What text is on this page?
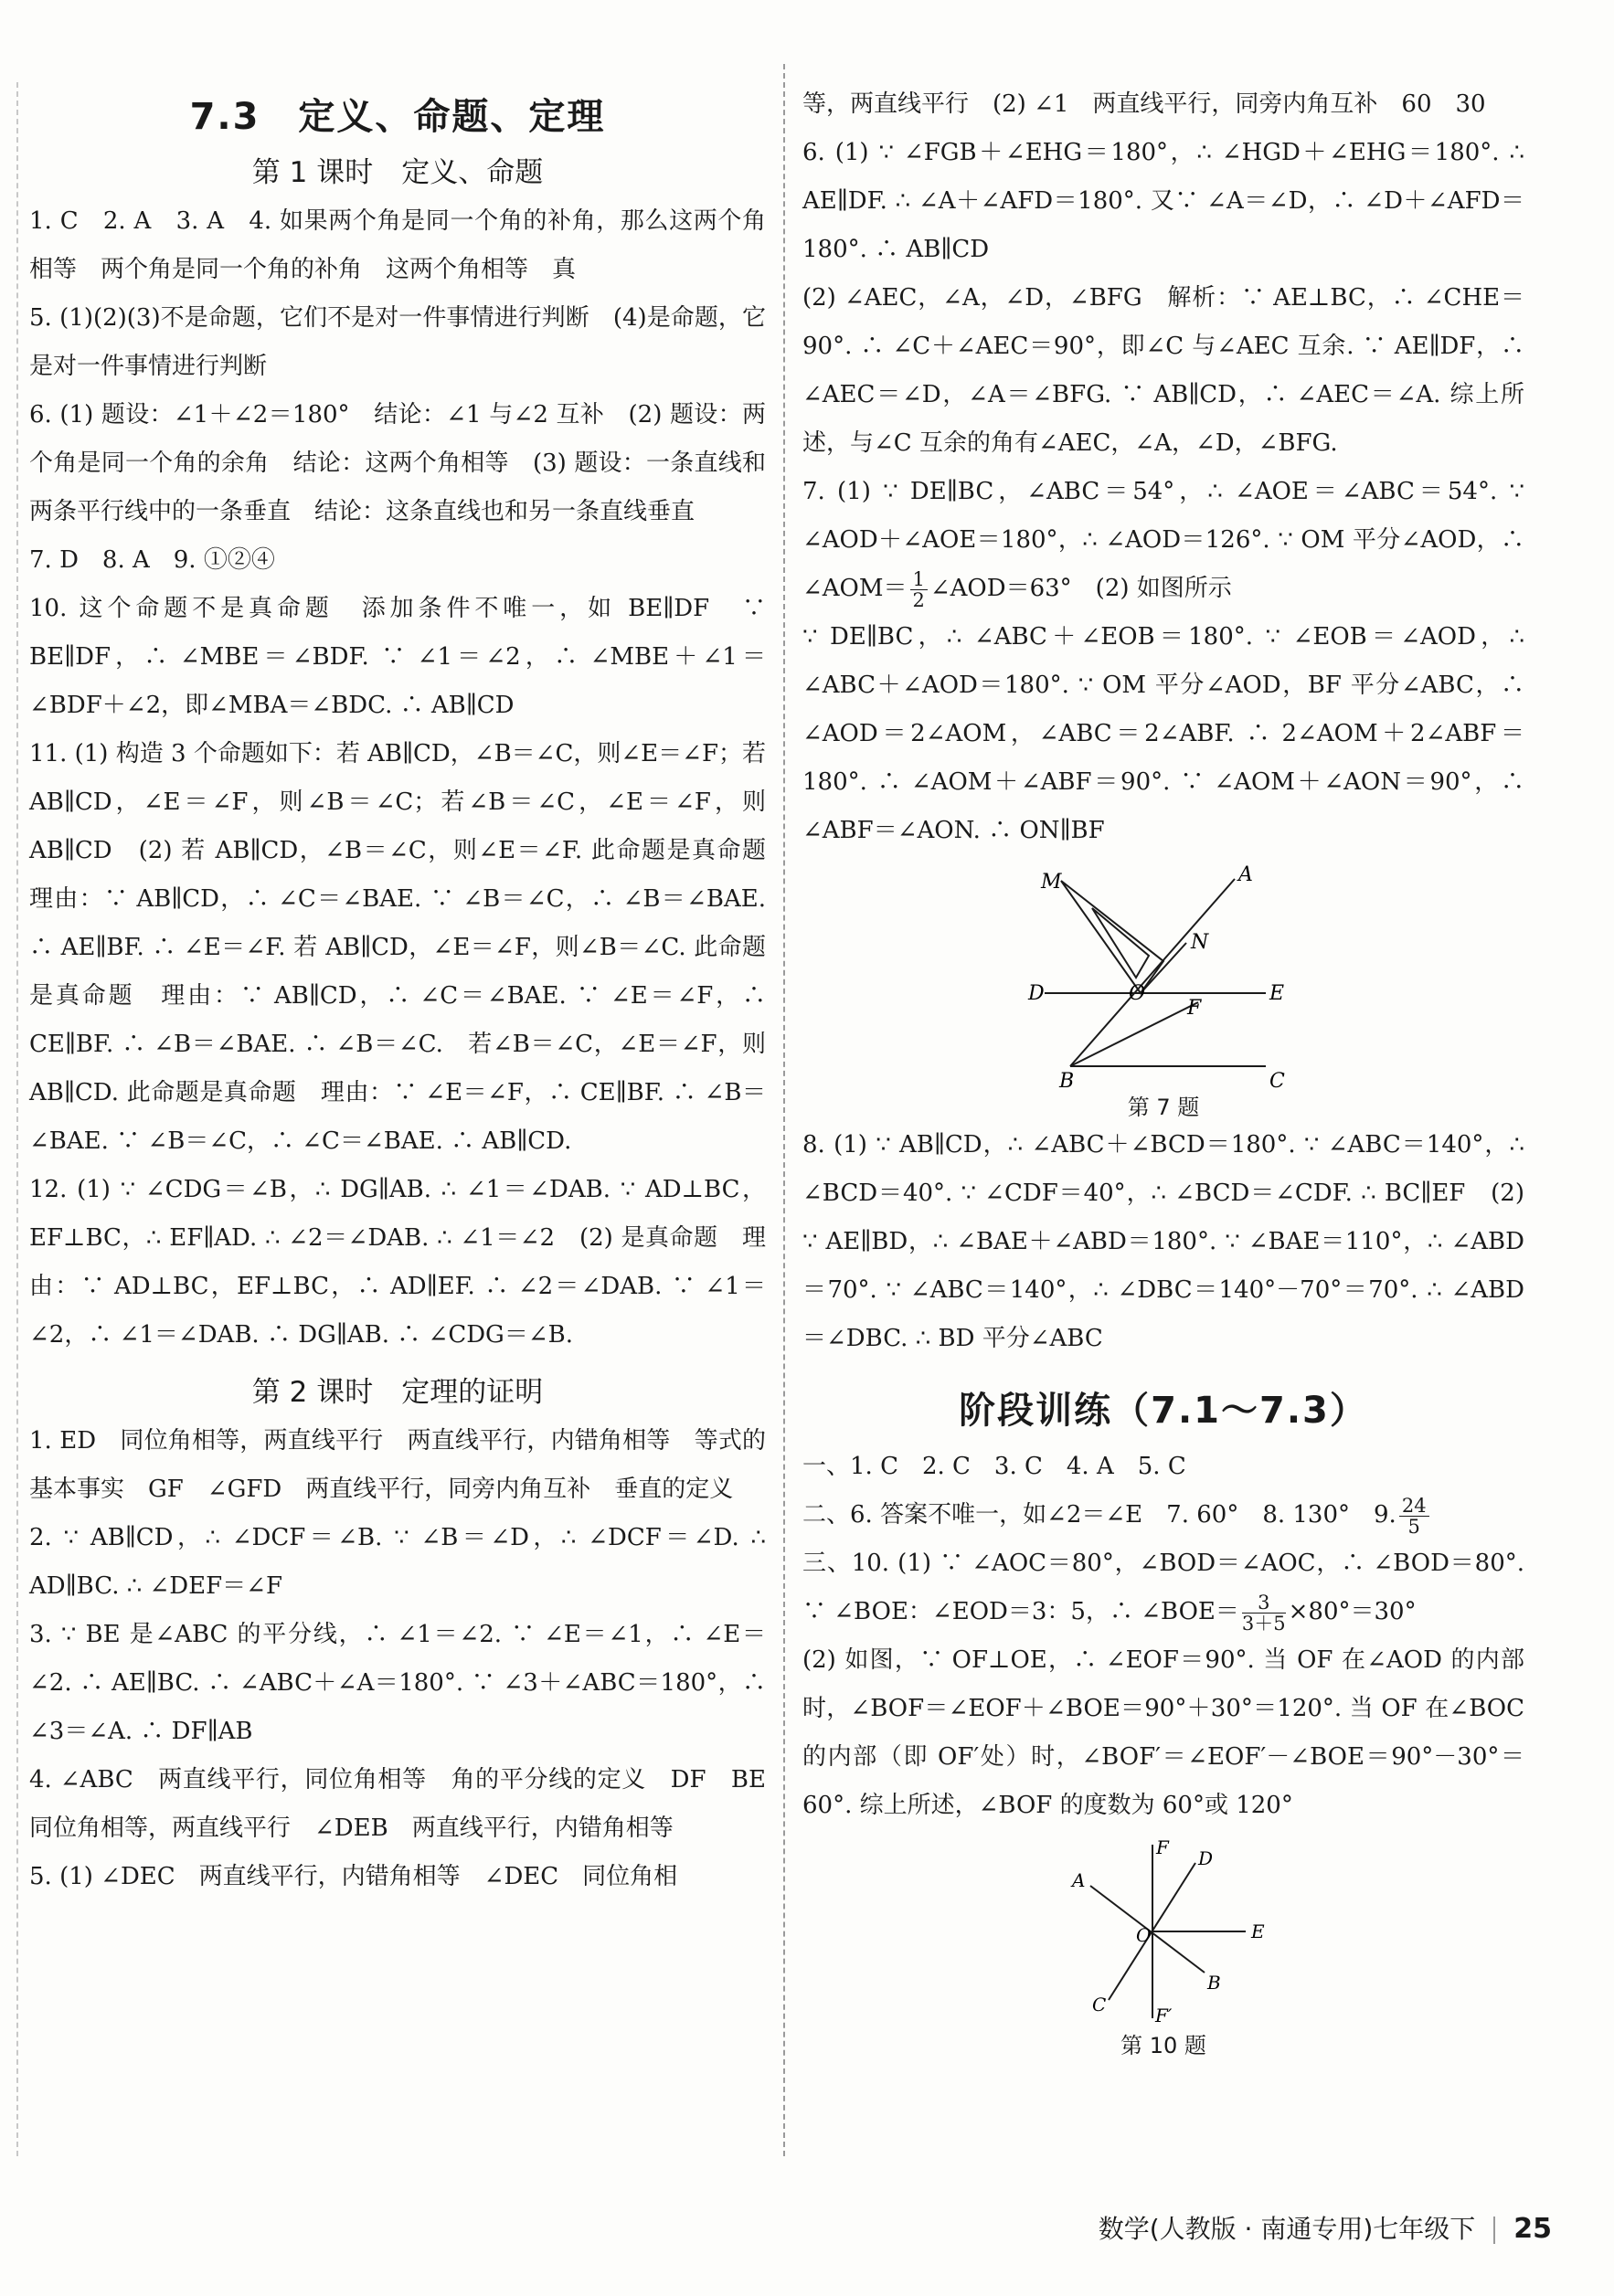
7.3　定义、命题、定理
第 1 课时　定义、命题

1. C　2. A　3. A　4. 如果两个角是同一个角的补角，那么这两个角相等　两个角是同一个角的补角　这两个角相等　真

5. (1)(2)(3)不是命题，它们不是对一件事情进行判断　(4)是命题，它是对一件事情进行判断

6. (1) 题设：∠1＋∠2＝180°　结论：∠1 与∠2 互补　(2) 题设：两个角是同一个角的余角　结论：这两个角相等　(3) 题设：一条直线和两条平行线中的一条垂直　结论：这条直线也和另一条直线垂直

7. D　8. A　9. ①②④

10. 这个命题不是真命题　添加条件不唯一，如 BE∥DF　∵ BE∥DF，∴ ∠MBE＝∠BDF. ∵ ∠1＝∠2，∴ ∠MBE＋∠1＝∠BDF＋∠2，即∠MBA＝∠BDC. ∴ AB∥CD

11. (1) 构造 3 个命题如下：若 AB∥CD，∠B＝∠C，则∠E＝∠F；若 AB∥CD，∠E＝∠F，则∠B＝∠C；若∠B＝∠C，∠E＝∠F，则 AB∥CD　(2) 若 AB∥CD，∠B＝∠C，则∠E＝∠F. 此命题是真命题　理由：∵ AB∥CD，∴ ∠C＝∠BAE. ∵ ∠B＝∠C，∴ ∠B＝∠BAE. ∴ AE∥BF. ∴ ∠E＝∠F. 若 AB∥CD，∠E＝∠F，则∠B＝∠C. 此命题是真命题　理由：∵ AB∥CD，∴ ∠C＝∠BAE. ∵ ∠E＝∠F，∴ CE∥BF. ∴ ∠B＝∠BAE. ∴ ∠B＝∠C.　若∠B＝∠C，∠E＝∠F，则 AB∥CD. 此命题是真命题　理由：∵ ∠E＝∠F，∴ CE∥BF. ∴ ∠B＝∠BAE. ∵ ∠B＝∠C，∴ ∠C＝∠BAE. ∴ AB∥CD.

12. (1) ∵ ∠CDG＝∠B，∴ DG∥AB. ∴ ∠1＝∠DAB. ∵ AD⊥BC，EF⊥BC，∴ EF∥AD. ∴ ∠2＝∠DAB. ∴ ∠1＝∠2　(2) 是真命题　理由：∵ AD⊥BC，EF⊥BC，∴ AD∥EF. ∴ ∠2＝∠DAB. ∵ ∠1＝∠2，∴ ∠1＝∠DAB. ∴ DG∥AB. ∴ ∠CDG＝∠B.

第 2 课时　定理的证明

1. ED　同位角相等，两直线平行　两直线平行，内错角相等　等式的基本事实　GF　∠GFD　两直线平行，同旁内角互补　垂直的定义

2. ∵ AB∥CD，∴ ∠DCF＝∠B. ∵ ∠B＝∠D，∴ ∠DCF＝∠D. ∴ AD∥BC. ∴ ∠DEF＝∠F

3. ∵ BE 是∠ABC 的平分线，∴ ∠1＝∠2. ∵ ∠E＝∠1，∴ ∠E＝∠2. ∴ AE∥BC. ∴ ∠ABC＋∠A＝180°. ∵ ∠3＋∠ABC＝180°，∴ ∠3＝∠A. ∴ DF∥AB

4. ∠ABC　两直线平行，同位角相等　角的平分线的定义　DF　BE　同位角相等，两直线平行　∠DEB　两直线平行，内错角相等

5. (1) ∠DEC　两直线平行，内错角相等　∠DEC　同位角相

等，两直线平行　(2) ∠1　两直线平行，同旁内角互补　60　30

6. (1) ∵ ∠FGB＋∠EHG＝180°，∴ ∠HGD＋∠EHG＝180°. ∴ AE∥DF. ∴ ∠A＋∠AFD＝180°. 又∵ ∠A＝∠D，∴ ∠D＋∠AFD＝180°. ∴ AB∥CD

(2) ∠AEC，∠A，∠D，∠BFG　解析：∵ AE⊥BC，∴ ∠CHE＝90°. ∴ ∠C＋∠AEC＝90°，即∠C 与∠AEC 互余. ∵ AE∥DF，∴ ∠AEC＝∠D，∠A＝∠BFG. ∵ AB∥CD，∴ ∠AEC＝∠A. 综上所述，与∠C 互余的角有∠AEC，∠A，∠D，∠BFG.

7. (1) ∵ DE∥BC，∠ABC＝54°，∴ ∠AOE＝∠ABC＝54°. ∵ ∠AOD＋∠AOE＝180°，∴ ∠AOD＝126°. ∵ OM 平分∠AOD，∴ ∠AOM＝ $\frac{1}{2}$ ∠AOD＝63°　(2) 如图所示

∵ DE∥BC，∴ ∠ABC＋∠EOB＝180°. ∵ ∠EOB＝∠AOD，∴ ∠ABC＋∠AOD＝180°. ∵ OM 平分∠AOD，BF 平分∠ABC，∴ ∠AOD＝2∠AOM，∠ABC＝2∠ABF. ∴ 2∠AOM＋2∠ABF＝180°. ∴ ∠AOM＋∠ABF＝90°. ∵ ∠AOM＋∠AON＝90°，∴ ∠ABF＝∠AON. ∴ ON∥BF

M	A
N
D	O
F
E
B	C
第 7 题

8. (1) ∵ AB∥CD，∴ ∠ABC＋∠BCD＝180°. ∵ ∠ABC＝140°，∴ ∠BCD＝40°. ∵ ∠CDF＝40°，∴ ∠BCD＝∠CDF. ∴ BC∥EF　(2) ∵ AE∥BD，∴ ∠BAE＋∠ABD＝180°. ∵ ∠BAE＝110°，∴ ∠ABD＝70°. ∵ ∠ABC＝140°，∴ ∠DBC＝140°－70°＝70°. ∴ ∠ABD＝∠DBC. ∴ BD 平分∠ABC

阶段训练（7.1～7.3）

一、1. C　2. C　3. C　4. A　5. C

二、6. 答案不唯一，如∠2＝∠E　7. 60°　8. 130°　9. $\frac{24}{5}$

三、10. (1) ∵ ∠AOC＝80°，∠BOD＝∠AOC，∴ ∠BOD＝80°. ∵ ∠BOE：∠EOD＝3：5，∴ ∠BOE＝ $\frac{3}{3+5} \times 80^\circ=30^\circ$

(2) 如图，∵ OF⊥OE，∴ ∠EOF＝90°. 当 OF 在∠AOD 的内部时，∠BOF＝∠EOF＋∠BOE＝90°＋30°＝120°. 当 OF 在∠BOC 的内部（即 OF′处）时，∠BOF′＝∠EOF′－∠BOE＝90°－30°＝60°. 综上所述，∠BOF 的度数为 60°或 120°

F D
A
O	E
C
B
F′
第 10 题
数学(人教版 · 南通专用)七年级下 25
